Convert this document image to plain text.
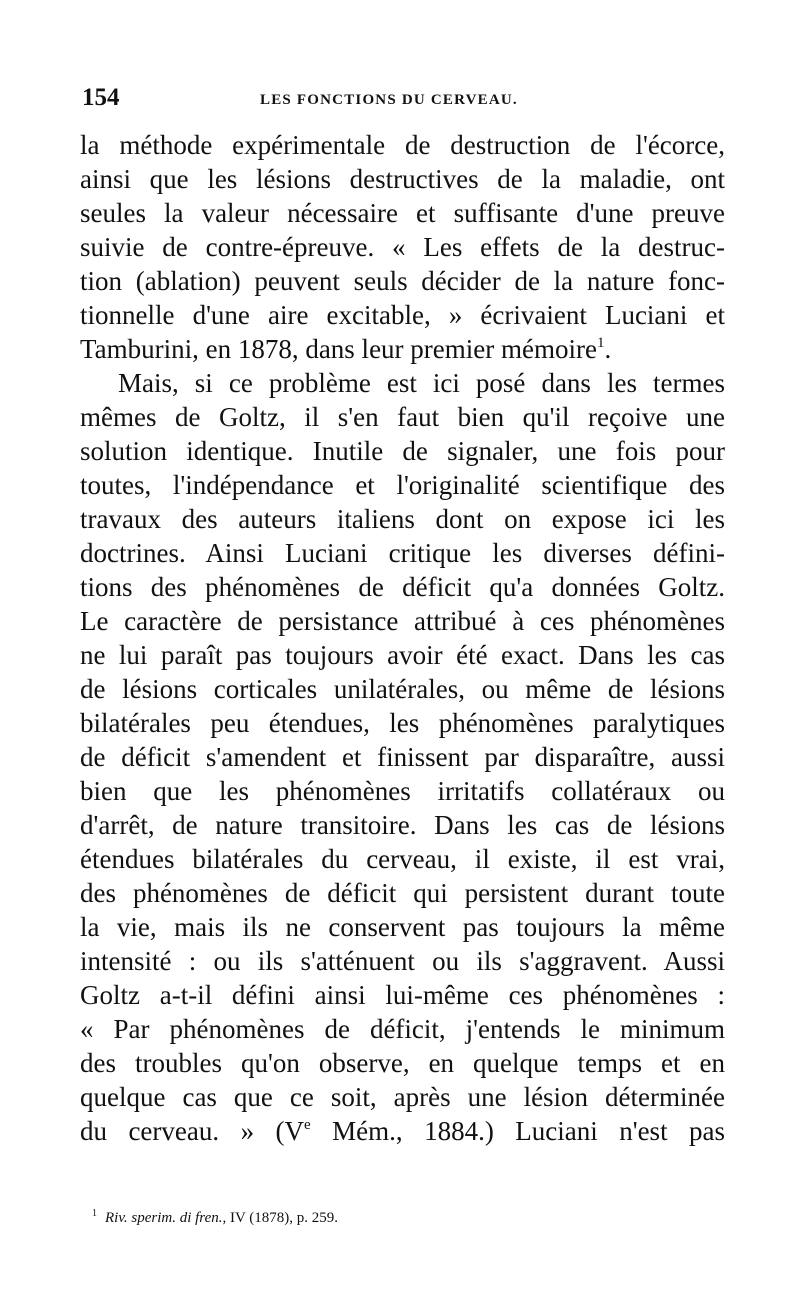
154	LES FONCTIONS DU CERVEAU.
la méthode expérimentale de destruction de l'écorce,
ainsi que les lésions destructives de la maladie, ont
seules la valeur nécessaire et suffisante d'une preuve
suivie de contre-épreuve. « Les effets de la destruc-
tion (ablation) peuvent seuls décider de la nature fonc-
tionnelle d'une aire excitable, » écrivaient Luciani et
Tamburini, en 1878, dans leur premier mémoire$^1$.
Mais, si ce problème est ici posé dans les termes
mêmes de Goltz, il s'en faut bien qu'il reçoive une
solution identique. Inutile de signaler, une fois pour
toutes, l'indépendance et l'originalité scientifique des
travaux des auteurs italiens dont on expose ici les
doctrines. Ainsi Luciani critique les diverses défini-
tions des phénomènes de déficit qu'a données Goltz.
Le caractère de persistance attribué à ces phénomènes
ne lui paraît pas toujours avoir été exact. Dans les cas
de lésions corticales unilatérales, ou même de lésions
bilatérales peu étendues, les phénomènes paralytiques
de déficit s'amendent et finissent par disparaître, aussi
bien que les phénomènes irritatifs collatéraux ou
d'arrêt, de nature transitoire. Dans les cas de lésions
étendues bilatérales du cerveau, il existe, il est vrai,
des phénomènes de déficit qui persistent durant toute
la vie, mais ils ne conservent pas toujours la même
intensité : ou ils s'atténuent ou ils s'aggravent. Aussi
Goltz a-t-il défini ainsi lui-même ces phénomènes :
« Par phénomènes de déficit, j'entends le minimum
des troubles qu'on observe, en quelque temps et en
quelque cas que ce soit, après une lésion déterminée
du cerveau. » (Ve Mém., 1884.) Luciani n'est pas
$^1$ Riv. sperim. di fren., IV (1878), p. 259.
